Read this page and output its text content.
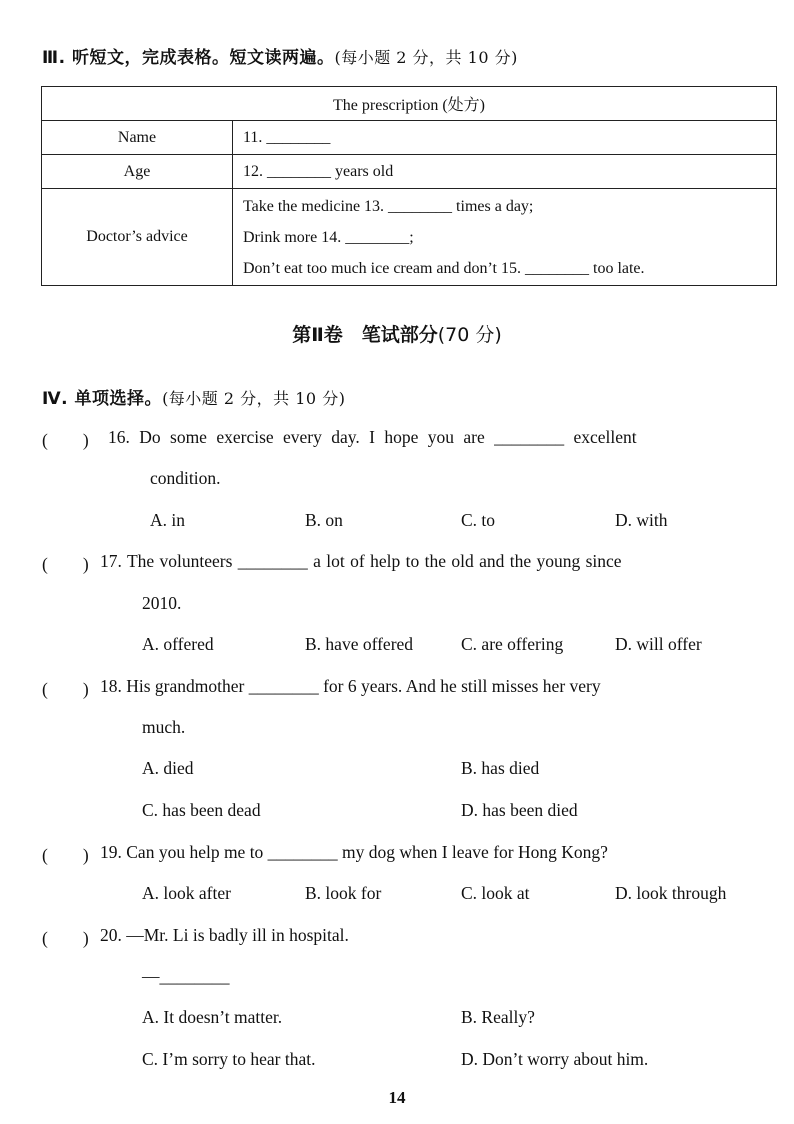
Ⅲ. 听短文，完成表格。短文读两遍。(每小题 2 分，共 10 分)
The prescription (处方)	
Name	11. ________
Age	12. ________ years old
Doctor’s advice	Take the medicine 13. ________ times a day;
Drink more 14. ________;
Don’t eat too much ice cream and don’t 15. ________ too late.
第Ⅱ卷　笔试部分(70 分)
Ⅳ. 单项选择。(每小题 2 分，共 10 分)
(　　)	16. Do some exercise every day. I hope you are ________ excellent
condition.
A. in	B. on	C. to	D. with
(　　) 17. The volunteers ________ a lot of help to the old and the young since
2010.
A. offered	B. have offered	C. are offering	D. will offer
(　　) 18. His grandmother ________ for 6 years. And he still misses her very
much.
A. died	B. has died
C. has been dead	D. has been died
(　　) 19. Can you help me to ________ my dog when I leave for Hong Kong?
A. look after	B. look for	C. look at	D. look through
(　　) 20. —Mr. Li is badly ill in hospital.
—________
A. It doesn’t matter.	B. Really?
C. I’m sorry to hear that.	D. Don’t worry about him.
14
